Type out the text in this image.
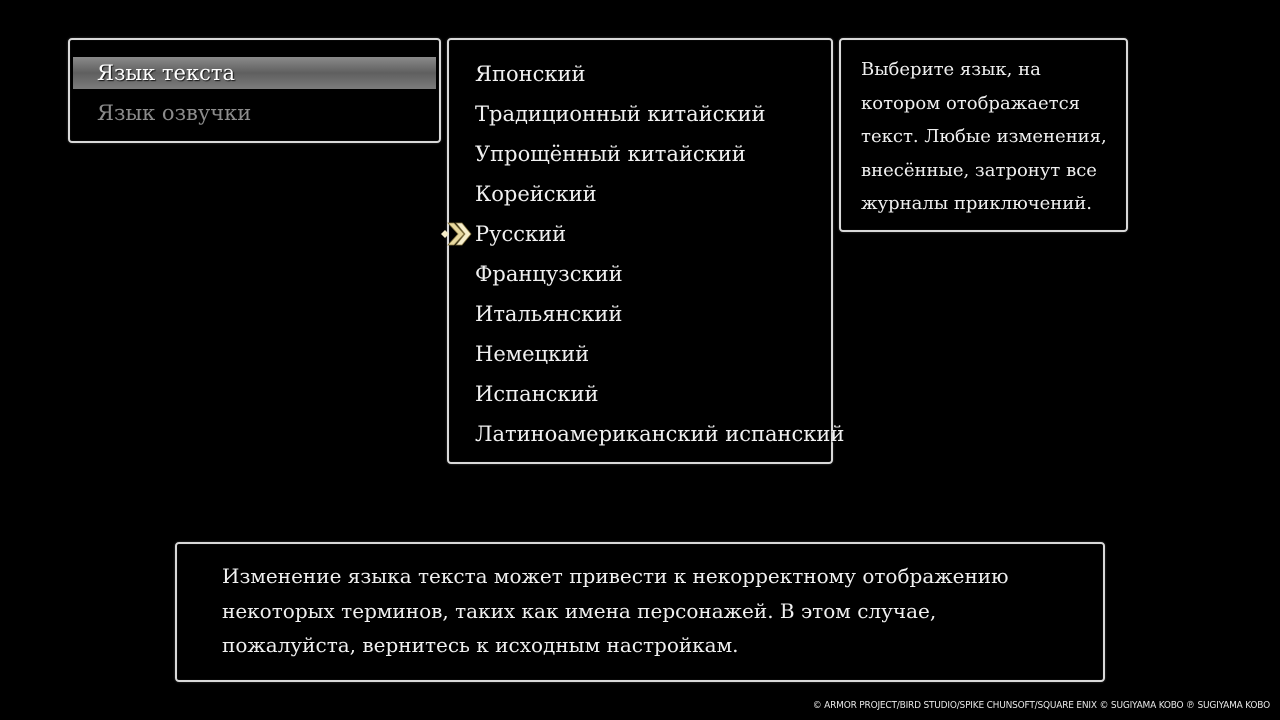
Язык текста
Язык озвучки
Японский
Традиционный китайский
Упрощённый китайский
Корейский
Русский
Французский
Итальянский
Немецкий
Испанский
Латиноамериканский испанский
Выберите язык, на котором отображается текст. Любые изменения, внесённые, затронут все журналы приключений.
Изменение языка текста может привести к некорректному отображению некоторых терминов, таких как имена персонажей. В этом случае, пожалуйста, вернитесь к исходным настройкам.
© ARMOR PROJECT/BIRD STUDIO/SPIKE CHUNSOFT/SQUARE ENIX © SUGIYAMA KOBO ℗ SUGIYAMA KOBO
